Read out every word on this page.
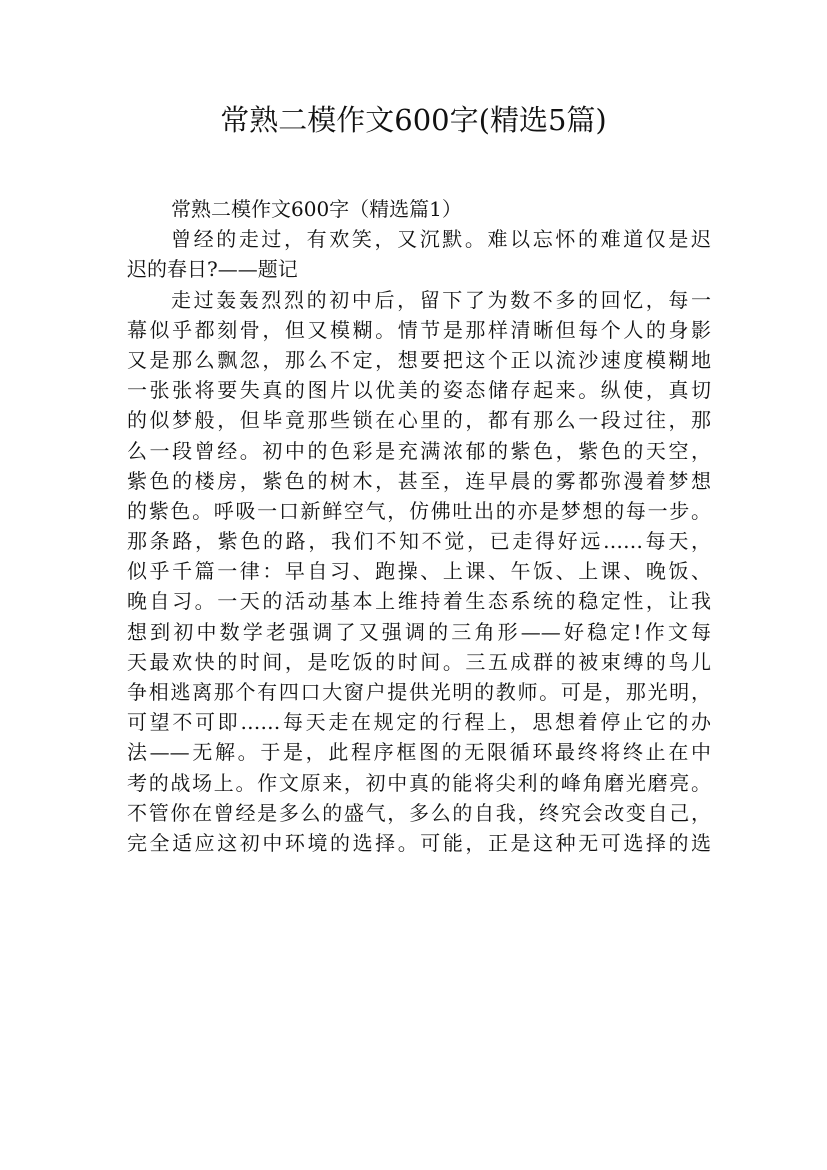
常熟二模作文600字(精选5篇)
常熟二模作文600字（精选篇1）
曾经的走过，有欢笑，又沉默。难以忘怀的难道仅是迟
迟的春日?——题记
走过轰轰烈烈的初中后，留下了为数不多的回忆，每一
幕似乎都刻骨，但又模糊。情节是那样清晰但每个人的身影
又是那么飘忽，那么不定，想要把这个正以流沙速度模糊地
一张张将要失真的图片以优美的姿态储存起来。纵使，真切
的似梦般，但毕竟那些锁在心里的，都有那么一段过往，那
么一段曾经。初中的色彩是充满浓郁的紫色，紫色的天空，
紫色的楼房，紫色的树木，甚至，连早晨的雾都弥漫着梦想
的紫色。呼吸一口新鲜空气，仿佛吐出的亦是梦想的每一步。
那条路，紫色的路，我们不知不觉，已走得好远……每天，
似乎千篇一律：早自习、跑操、上课、午饭、上课、晚饭、
晚自习。一天的活动基本上维持着生态系统的稳定性，让我
想到初中数学老强调了又强调的三角形——好稳定!作文每
天最欢快的时间，是吃饭的时间。三五成群的被束缚的鸟儿
争相逃离那个有四口大窗户提供光明的教师。可是，那光明，
可望不可即……每天走在规定的行程上，思想着停止它的办
法——无解。于是，此程序框图的无限循环最终将终止在中
考的战场上。作文原来，初中真的能将尖利的峰角磨光磨亮。
不管你在曾经是多么的盛气，多么的自我，终究会改变自己，
完全适应这初中环境的选择。可能，正是这种无可选择的选
